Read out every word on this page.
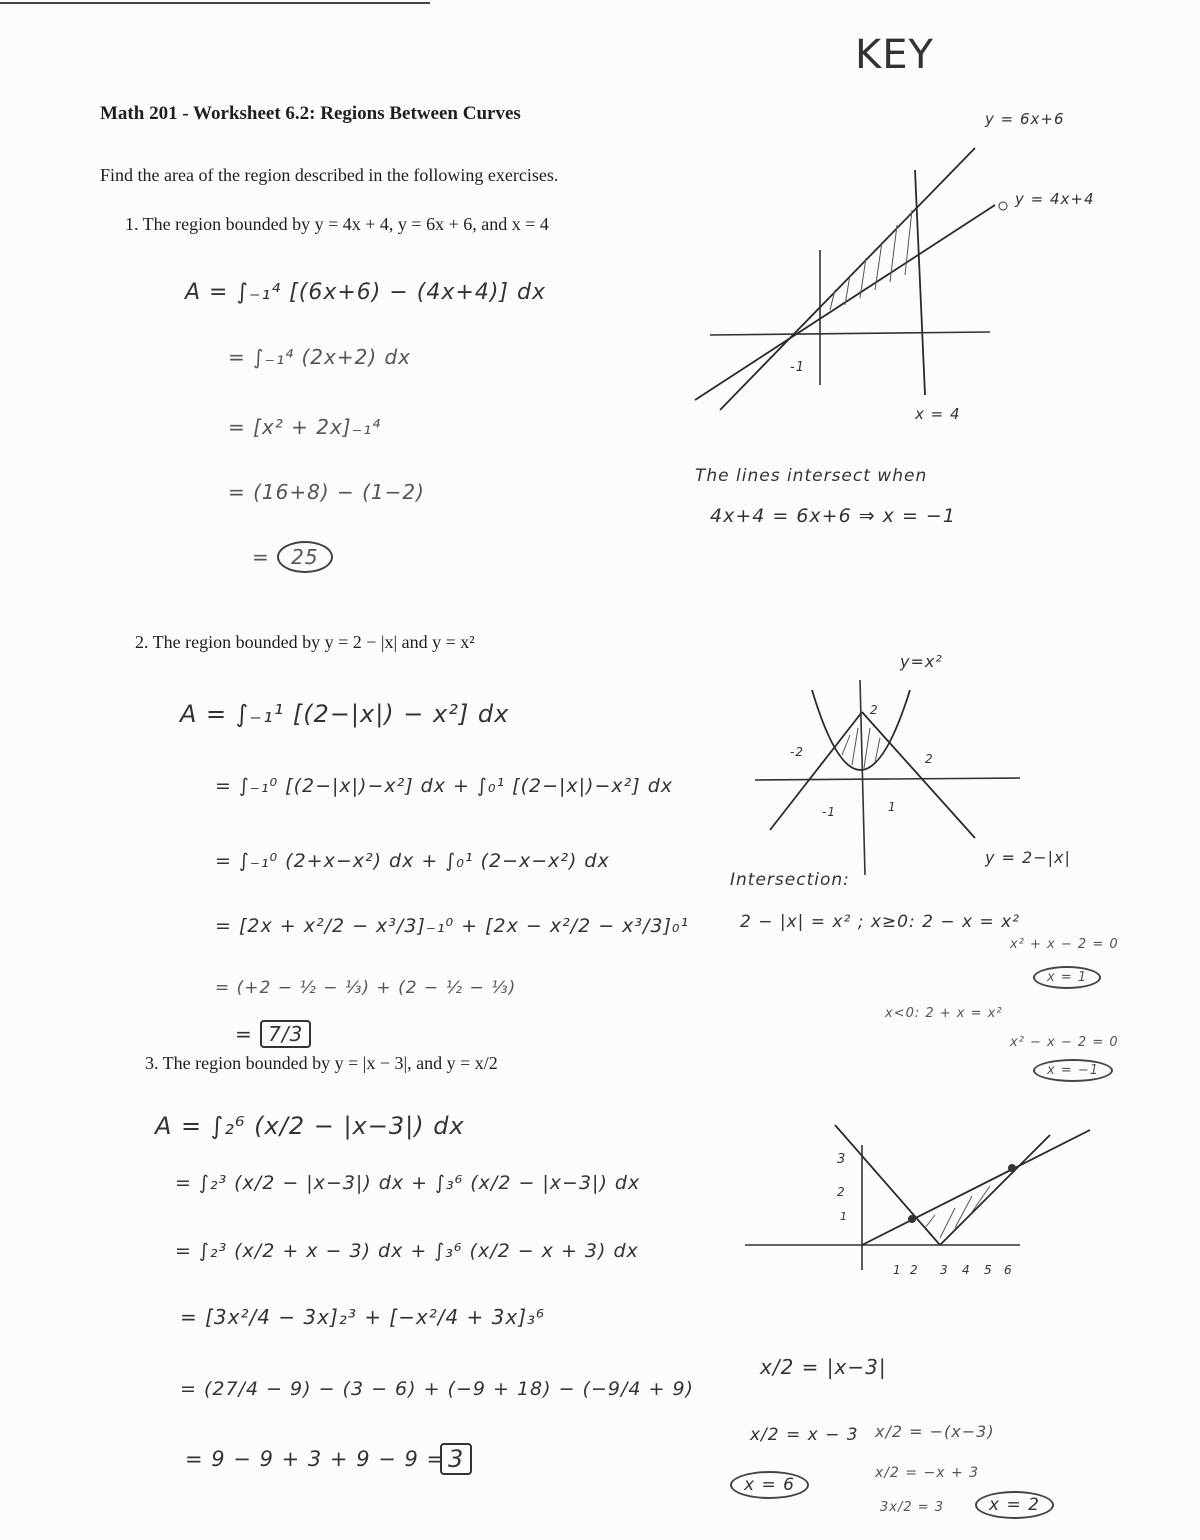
KEY
Math 201 - Worksheet 6.2: Regions Between Curves
Find the area of the region described in the following exercises.
1. The region bounded by y = 4x + 4, y = 6x + 6, and x = 4
A = ∫₋₁⁴ [(6x+6) − (4x+4)] dx
= ∫₋₁⁴ (2x+2) dx
= [x² + 2x]₋₁⁴
= (16+8) − (1−2)
= 25
y = 6x+6
y = 4x+4
x = 4
-1
The lines intersect when
4x+4 = 6x+6 ⇒ x = −1
2. The region bounded by y = 2 − |x| and y = x²
A = ∫₋₁¹ [(2−|x|) − x²] dx
= ∫₋₁⁰ [(2−|x|)−x²] dx + ∫₀¹ [(2−|x|)−x²] dx
= ∫₋₁⁰ (2+x−x²) dx + ∫₀¹ (2−x−x²) dx
= [2x + x²/2 − x³/3]₋₁⁰ + [2x − x²/2 − x³/3]₀¹
= (+2 − ½ − ⅓) + (2 − ½ − ⅓)
= 7/3
y=x²
y = 2−|x|
-2	2
-1	1
2
Intersection:
2 − |x| = x² ; x≥0: 2 − x = x²
x² + x − 2 = 0
x = 1
x<0: 2 + x = x²
x² − x − 2 = 0
x = −1
3. The region bounded by y = |x − 3|, and y = x/2
A = ∫₂⁶ (x/2 − |x−3|) dx
= ∫₂³ (x/2 − |x−3|) dx + ∫₃⁶ (x/2 − |x−3|) dx
= ∫₂³ (x/2 + x − 3) dx + ∫₃⁶ (x/2 − x + 3) dx
= [3x²/4 − 3x]₂³ + [−x²/4 + 3x]₃⁶
= (27/4 − 9) − (3 − 6) + (−9 + 18) − (−9/4 + 9)
= 9 − 9 + 3 + 9 − 9 = 3
3
2
1
1 2 3 4 5 6
x/2 = |x−3|
x/2 = x − 3
x = 6
x/2 = −(x−3)
x/2 = −x + 3
3x/2 = 3	x = 2
